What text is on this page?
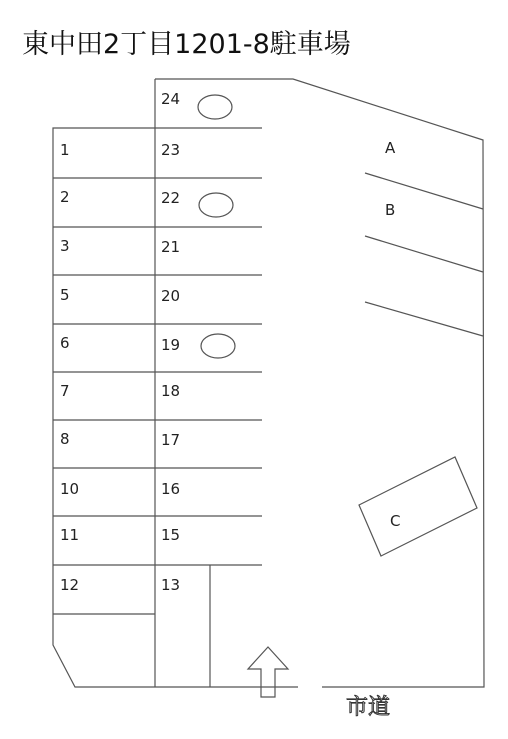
東中田2丁目1201-8駐車場
1
2
3
5
6
7
8
10
11
12
24
23
22
21
20
19
18
17
16
15
13
A
B
C
市道
